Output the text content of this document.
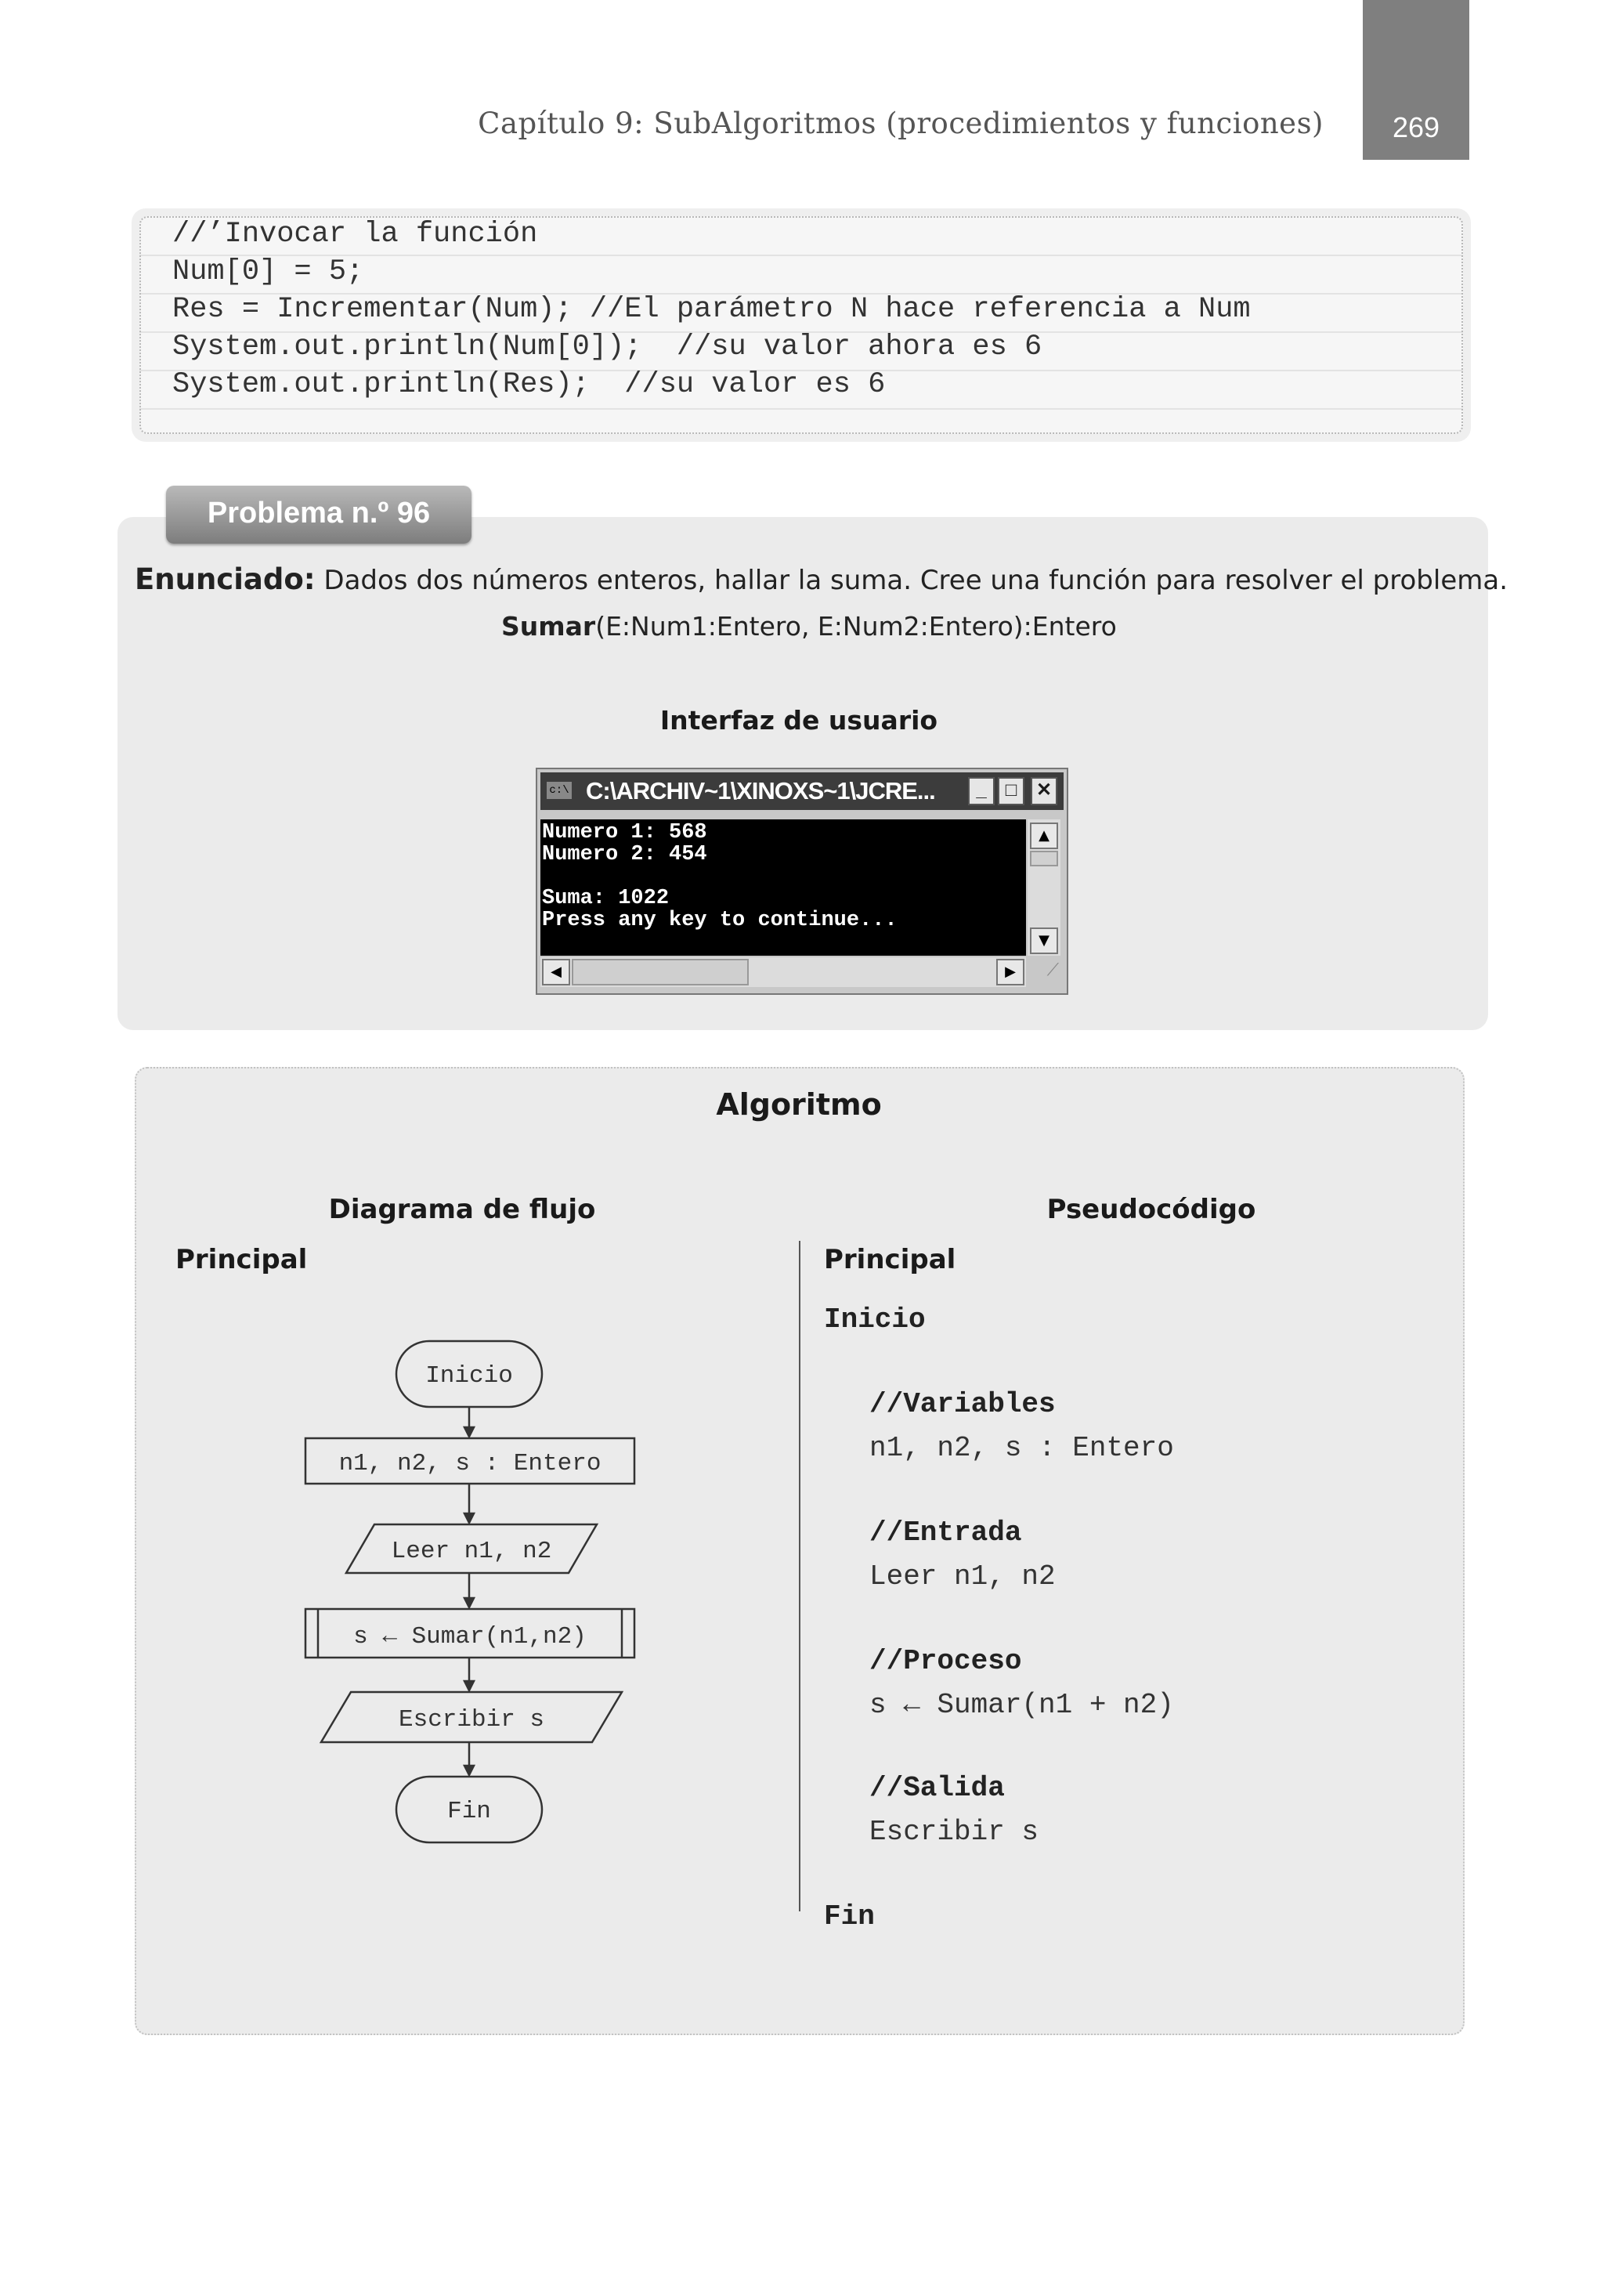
Capítulo 9: SubAlgoritmos (procedimientos y funciones)	269
//’Invocar la función
Num[0] = 5;
Res = Incrementar(Num); //El parámetro N hace referencia a Num
System.out.println(Num[0]);  //su valor ahora es 6
System.out.println(Res);  //su valor es 6
Problema n.º 96
Enunciado: Dados dos números enteros, hallar la suma. Cree una función para resolver el problema.
Sumar(E:Num1:Entero, E:Num2:Entero):Entero
Interfaz de usuario
c:\ C:\ARCHIV~1\XINOXS~1\JCRE...	_	□	✕
Numero 1: 568
Numero 2: 454
Suma: 1022
Press any key to continue...
▲
▼
◀	▶	⟋
Algoritmo
Diagrama de flujo	Pseudocódigo
Principal	Principal
Inicio
n1, n2, s : Entero
Leer n1, n2
s ← Sumar(n1,n2)
Escribir s
Fin
Inicio
//Variables
n1, n2, s : Entero
//Entrada
Leer n1, n2
//Proceso
s ← Sumar(n1 + n2)
//Salida
Escribir s
Fin
